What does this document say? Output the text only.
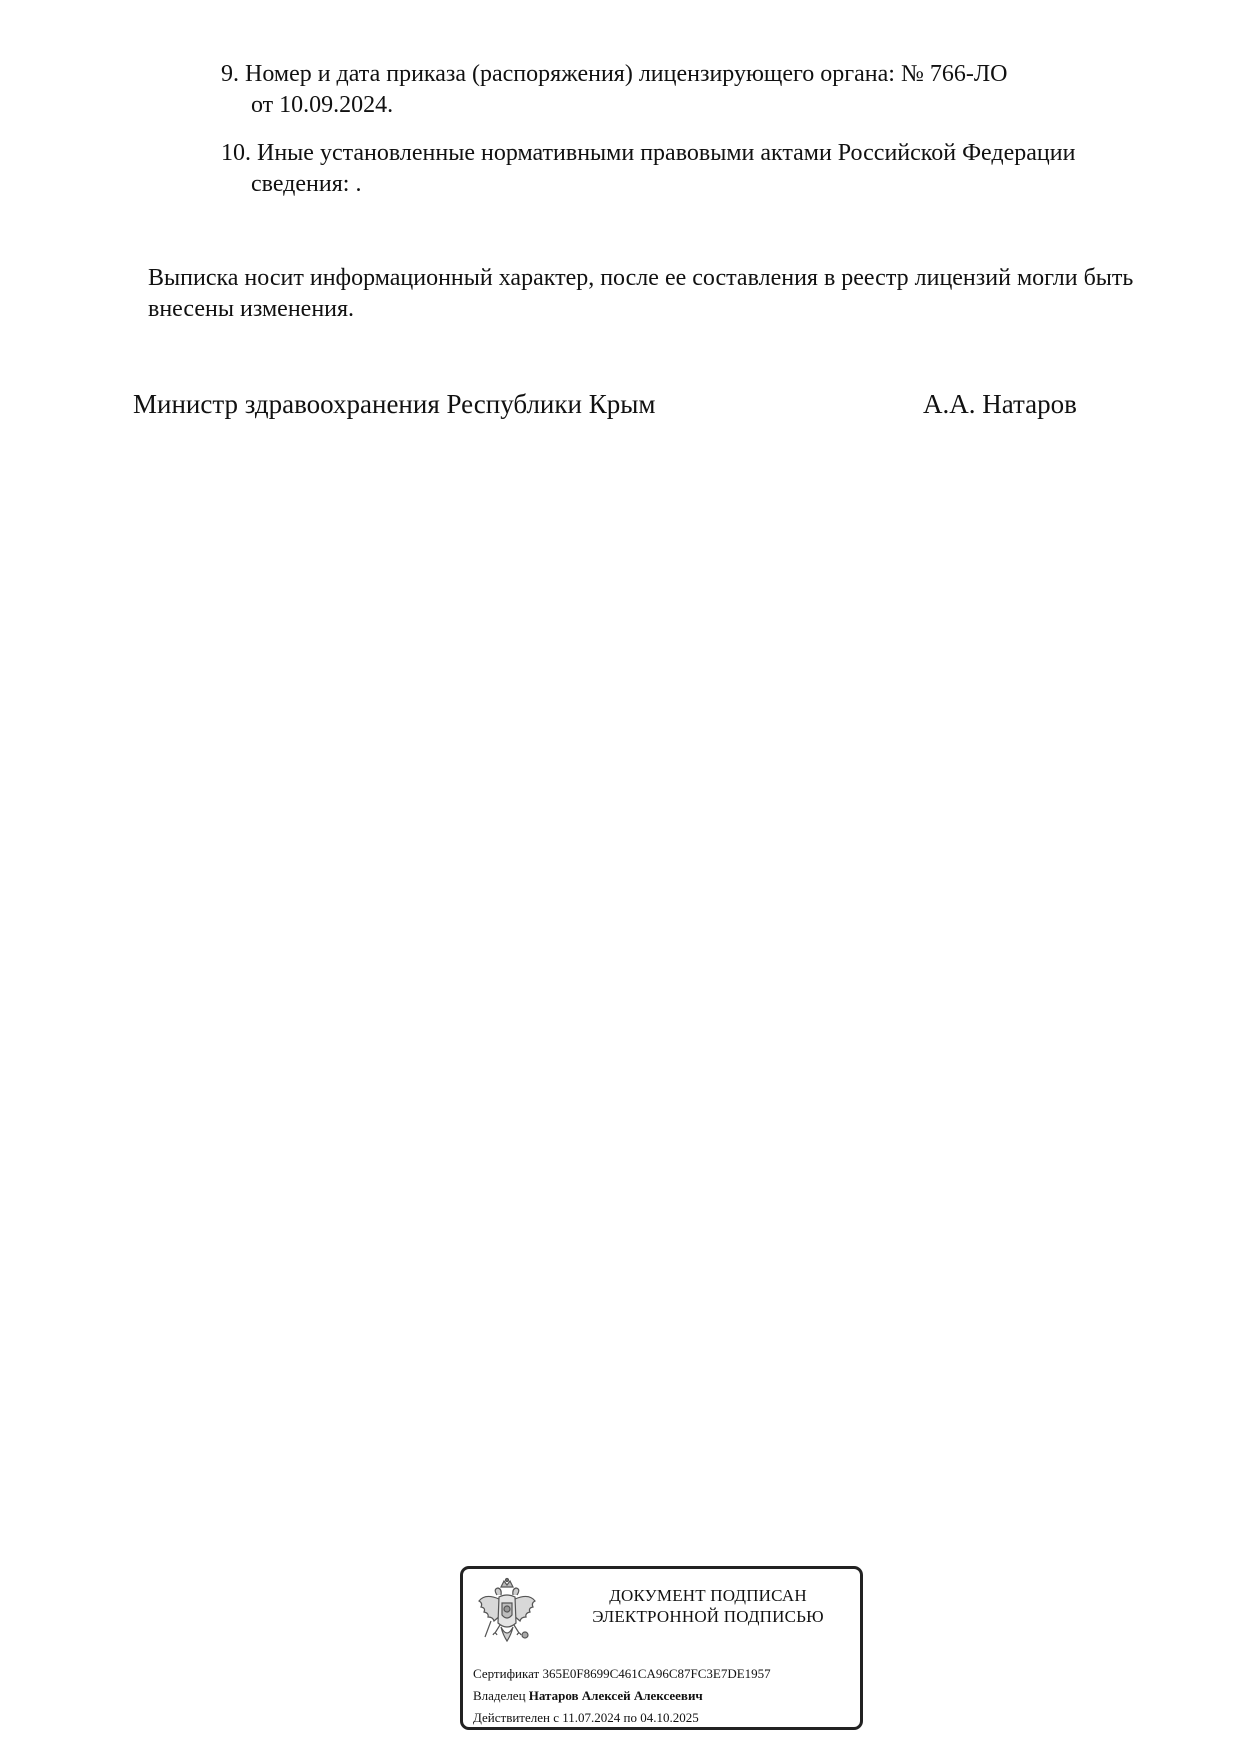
9. Номер и дата приказа (распоряжения) лицензирующего органа: № 766-ЛО
от 10.09.2024.
10. Иные установленные нормативными правовыми актами Российской Федерации
сведения: .
Выписка носит информационный характер, после ее составления в реестр лицензий могли быть
внесены изменения.
Министр здравоохранения Республики Крым	А.А. Натаров
ДОКУМЕНТ ПОДПИСАН
ЭЛЕКТРОННОЙ ПОДПИСЬЮ
Сертификат 365E0F8699C461CA96C87FC3E7DE1957
Владелец Натаров Алексей Алексеевич
Действителен с 11.07.2024 по 04.10.2025
